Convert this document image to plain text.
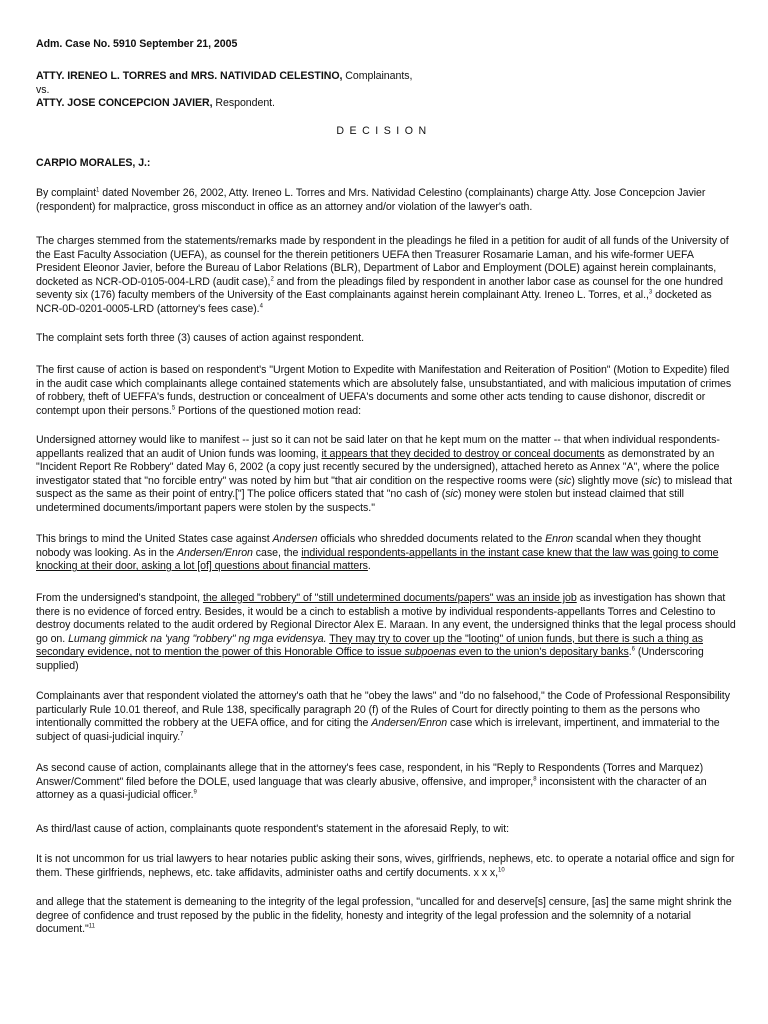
Adm. Case No. 5910 September 21, 2005

ATTY. IRENEO L. TORRES and MRS. NATIVIDAD CELESTINO, Complainants,

vs.

ATTY. JOSE CONCEPCION JAVIER, Respondent.

DECISION
CARPIO MORALES, J.:

By complaint$^1$ dated November 26, 2002, Atty. Ireneo L. Torres and Mrs. Natividad Celestino (complainants) charge Atty. Jose Concepcion Javier (respondent) for malpractice, gross misconduct in office as an attorney and/or violation of the lawyer's oath.

The charges stemmed from the statements/remarks made by respondent in the pleadings he filed in a petition for audit of all funds of the University of the East Faculty Association (UEFA), as counsel for the therein petitioners UEFA then Treasurer Rosamarie Laman, and his wife-former UEFA President Eleonor Javier, before the Bureau of Labor Relations (BLR), Department of Labor and Employment (DOLE) against herein complainants, docketed as NCR-OD-0105-004-LRD (audit case),$^2$ and from the pleadings filed by respondent in another labor case as counsel for the one hundred seventy six (176) faculty members of the University of the East complainants against herein complainant Atty. Ireneo L. Torres, et al.,$^3$ docketed as NCR-0D-0201-0005-LRD (attorney's fees case).$^4$

The complaint sets forth three (3) causes of action against respondent.

The first cause of action is based on respondent's "Urgent Motion to Expedite with Manifestation and Reiteration of Position" (Motion to Expedite) filed in the audit case which complainants allege contained statements which are absolutely false, unsubstantiated, and with malicious imputation of crimes of robbery, theft of UEFFA's funds, destruction or concealment of UEFA's documents and some other acts tending to cause dishonor, discredit or contempt upon their persons.$^5$ Portions of the questioned motion read:

Undersigned attorney would like to manifest -- just so it can not be said later on that he kept mum on the matter -- that when individual respondents-appellants realized that an audit of Union funds was looming, it appears that they decided to destroy or conceal documents as demonstrated by an "Incident Report Re Robbery" dated May 6, 2002 (a copy just recently secured by the undersigned), attached hereto as Annex "A", where the police investigator stated that "no forcible entry" was noted by him but "that air condition on the respective rooms were (sic) slightly move (sic) to mislead that suspect as the same as their point of entry.["] The police officers stated that "no cash of (sic) money were stolen but instead claimed that still undetermined documents/important papers were stolen by the suspects."

This brings to mind the United States case against Andersen officials who shredded documents related to the Enron scandal when they thought nobody was looking. As in the Andersen/Enron case, the individual respondents-appellants in the instant case knew that the law was going to come knocking at their door, asking a lot [of] questions about financial matters.

From the undersigned's standpoint, the alleged "robbery" of "still undetermined documents/papers" was an inside job as investigation has shown that there is no evidence of forced entry. Besides, it would be a cinch to establish a motive by individual respondents-appellants Torres and Celestino to destroy documents related to the audit ordered by Regional Director Alex E. Maraan. In any event, the undersigned thinks that the legal process should go on. Lumang gimmick na 'yang "robbery" ng mga evidensya. They may try to cover up the "looting" of union funds, but there is such a thing as secondary evidence, not to mention the power of this Honorable Office to issue subpoenas even to the union's depositary banks.$^6$ (Underscoring supplied)

Complainants aver that respondent violated the attorney's oath that he "obey the laws" and "do no falsehood," the Code of Professional Responsibility particularly Rule 10.01 thereof, and Rule 138, specifically paragraph 20 (f) of the Rules of Court for directly pointing to them as the persons who intentionally committed the robbery at the UEFA office, and for citing the Andersen/Enron case which is irrelevant, impertinent, and immaterial to the subject of quasi-judicial inquiry.$^7$

As second cause of action, complainants allege that in the attorney's fees case, respondent, in his "Reply to Respondents (Torres and Marquez) Answer/Comment" filed before the DOLE, used language that was clearly abusive, offensive, and improper,$^8$ inconsistent with the character of an attorney as a quasi-judicial officer.$^9$

As third/last cause of action, complainants quote respondent's statement in the aforesaid Reply, to wit:

It is not uncommon for us trial lawyers to hear notaries public asking their sons, wives, girlfriends, nephews, etc. to operate a notarial office and sign for them. These girlfriends, nephews, etc. take affidavits, administer oaths and certify documents. x x x,$^{10}$

and allege that the statement is demeaning to the integrity of the legal profession, "uncalled for and deserve[s] censure, [as] the same might shrink the degree of confidence and trust reposed by the public in the fidelity, honesty and integrity of the legal profession and the solemnity of a notarial document."$^{11}$
